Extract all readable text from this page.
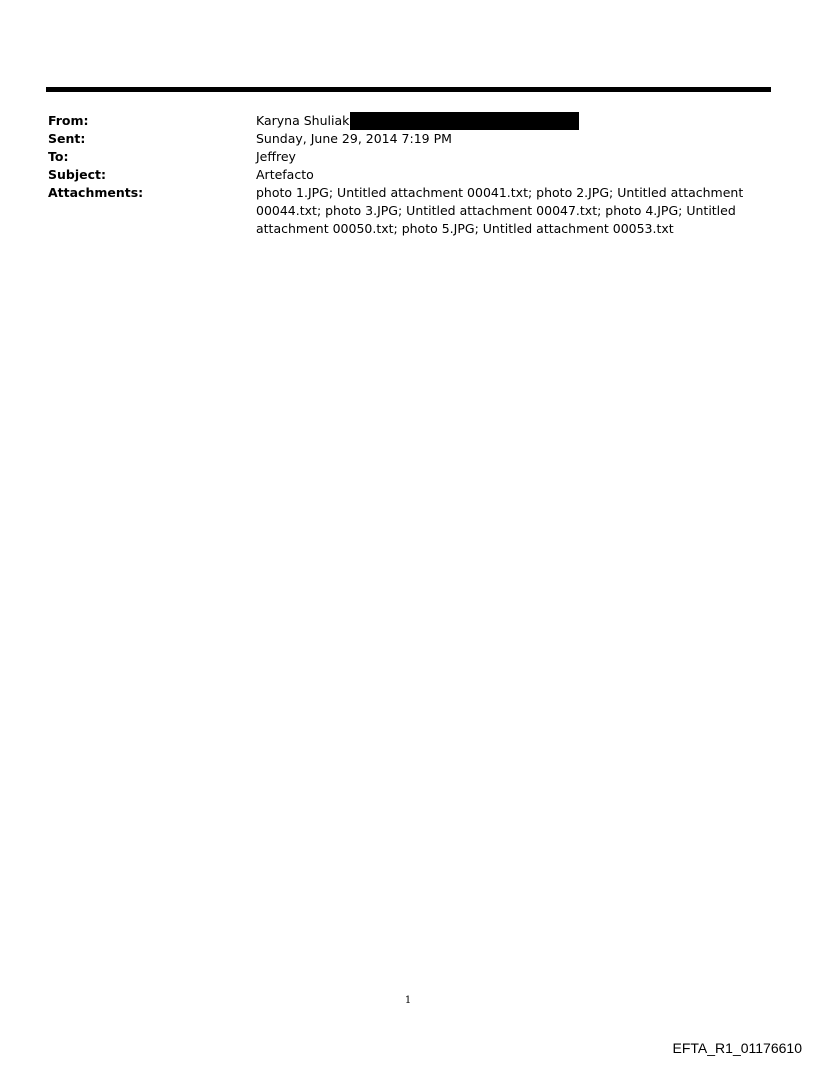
From:	Karyna Shuliak
Sent:	Sunday, June 29, 2014 7:19 PM
To:	Jeffrey
Subject:	Artefacto
Attachments:	photo 1.JPG; Untitled attachment 00041.txt; photo 2.JPG; Untitled attachment 00044.txt; photo 3.JPG; Untitled attachment 00047.txt; photo 4.JPG; Untitled attachment 00050.txt; photo 5.JPG; Untitled attachment 00053.txt
1
EFTA_R1_01176610
